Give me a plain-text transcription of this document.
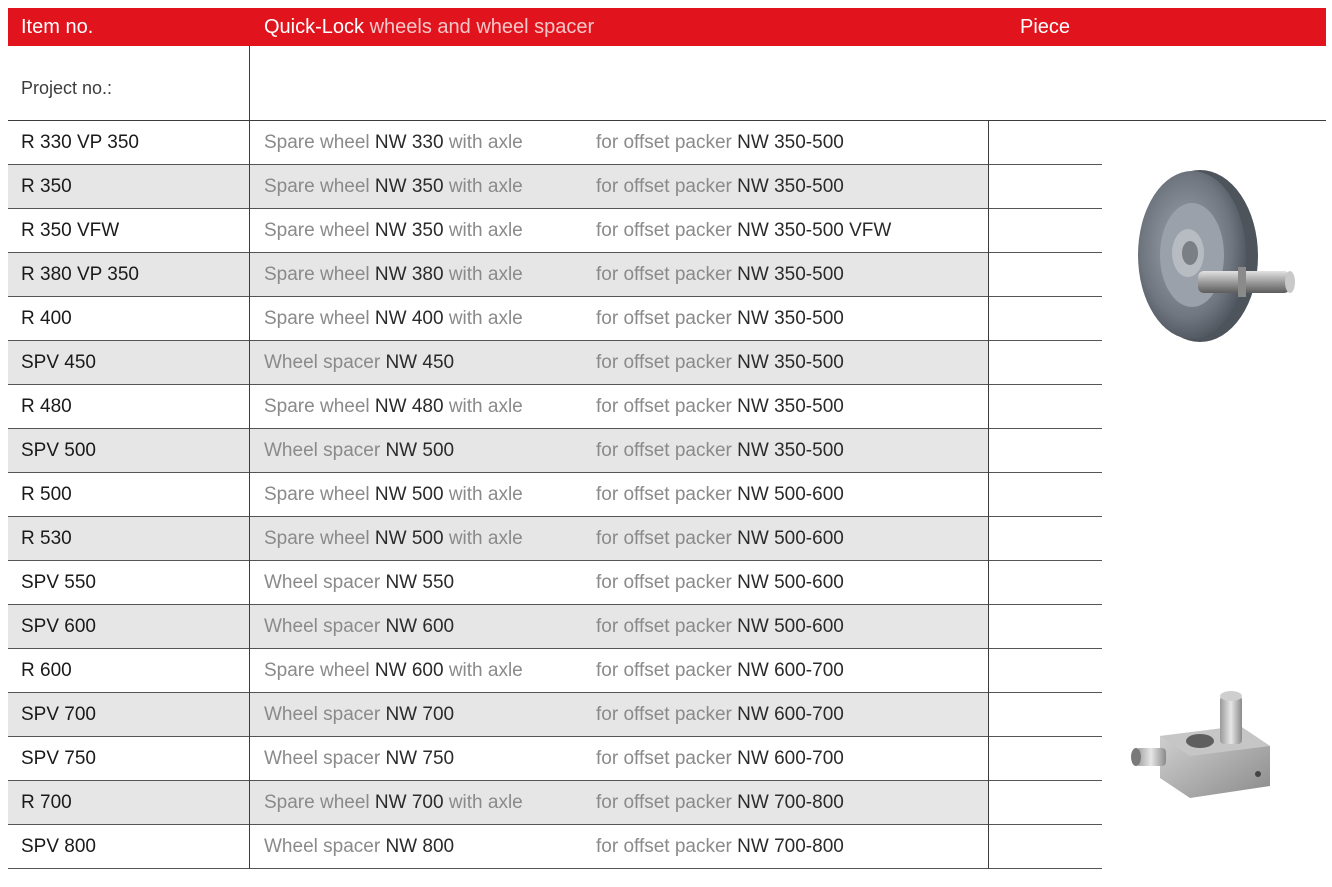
Item no.	Quick-Lock wheels and wheel spacer	Piece
Project no.:
R 330 VP 350	Spare wheel NW 330 with axle	for offset packer NW 350-500
R 350	Spare wheel NW 350 with axle	for offset packer NW 350-500
R 350 VFW	Spare wheel NW 350 with axle	for offset packer NW 350-500 VFW
R 380 VP 350	Spare wheel NW 380 with axle	for offset packer NW 350-500
R 400	Spare wheel NW 400 with axle	for offset packer NW 350-500
SPV 450	Wheel spacer NW 450	for offset packer NW 350-500
R 480	Spare wheel NW 480 with axle	for offset packer NW 350-500
SPV 500	Wheel spacer NW 500	for offset packer NW 350-500
R 500	Spare wheel NW 500 with axle	for offset packer NW 500-600
R 530	Spare wheel NW 500 with axle	for offset packer NW 500-600
SPV 550	Wheel spacer NW 550	for offset packer NW 500-600
SPV 600	Wheel spacer NW 600	for offset packer NW 500-600
R 600	Spare wheel NW 600 with axle	for offset packer NW 600-700
SPV 700	Wheel spacer NW 700	for offset packer NW 600-700
SPV 750	Wheel spacer NW 750	for offset packer NW 600-700
R 700	Spare wheel NW 700 with axle	for offset packer NW 700-800
SPV 800	Wheel spacer NW 800	for offset packer NW 700-800
